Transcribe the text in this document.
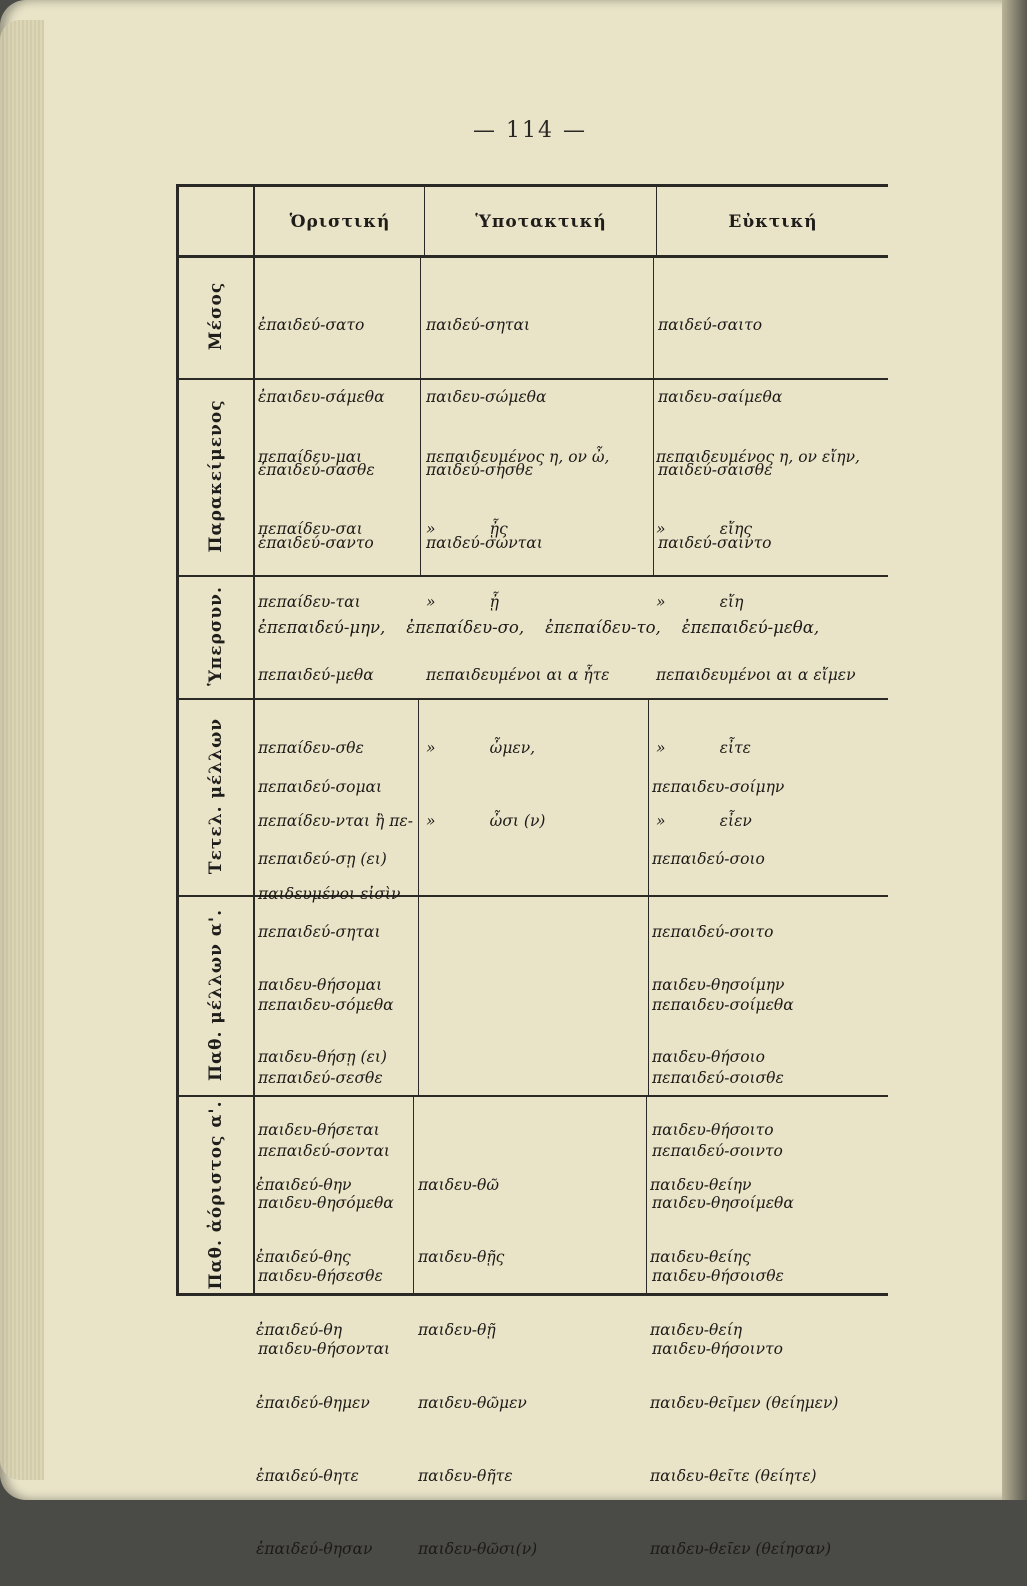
— 114 —
Ὁριστική	Ὑποτακτική	Εὐκτική
Μέσος
Παρακείμενος
Ὑπερσυν.
Τετελ. μέλλων
Παθ. μέλλων α'.
Παθ. ἀόριστος α'.

ἐπαιδεύ-σατο

ἐπαιδευ-σάμεθα

ἐπαιδεύ-σασθε

ἐπαιδεύ-σαντο

παιδεύ-σηται

παιδευ-σώμεθα

παιδεύ-σησθε

παιδεύ-σωνται

παιδεύ-σαιτο

παιδευ-σαίμεθα

παιδεύ-σαισθε

παιδεύ-σαιντο

πεπαίδευ-μαι

πεπαίδευ-σαι

πεπαίδευ-ται

πεπαιδεύ-μεθα

πεπαίδευ-σθε

πεπαίδευ-νται ἢ πε-

παιδευμένοι εἰσὶν

πεπαιδευμένος η, ον ὦ,

»           ᾖς

»           ᾖ

πεπαιδευμένοι αι α ἦτε

»           ὦμεν,

»           ὦσι (ν)

πεπαιδευμένος η, ον εἴην,

»           εἴης

»           εἴη

πεπαιδευμένοι αι α εἴμεν

»           εἶτε

»           εἶεν

ἐπεπαιδεύ-μην,    ἐπεπαίδευ-σο,    ἐπεπαίδευ-το,    ἐπεπαιδεύ-μεθα,

πεπαιδεύ-σομαι

πεπαιδεύ-σῃ (ει)

πεπαιδεύ-σηται

πεπαιδευ-σόμεθα

πεπαιδεύ-σεσθε

πεπαιδεύ-σονται

πεπαιδευ-σοίμην

πεπαιδεύ-σοιο

πεπαιδεύ-σοιτο

πεπαιδευ-σοίμεθα

πεπαιδεύ-σοισθε

πεπαιδεύ-σοιντο

παιδευ-θήσομαι

παιδευ-θήσῃ (ει)

παιδευ-θήσεται

παιδευ-θησόμεθα

παιδευ-θήσεσθε

παιδευ-θήσονται

παιδευ-θησοίμην

παιδευ-θήσοιο

παιδευ-θήσοιτο

παιδευ-θησοίμεθα

παιδευ-θήσοισθε

παιδευ-θήσοιντο

ἐπαιδεύ-θην

ἐπαιδεύ-θης

ἐπαιδεύ-θη

ἐπαιδεύ-θημεν

ἐπαιδεύ-θητε

ἐπαιδεύ-θησαν

παιδευ-θῶ

παιδευ-θῇς

παιδευ-θῇ

παιδευ-θῶμεν

παιδευ-θῆτε

παιδευ-θῶσι(ν)

παιδευ-θείην

παιδευ-θείης

παιδευ-θείη

παιδευ-θεῖμεν (θείημεν)

παιδευ-θεῖτε (θείητε)

παιδευ-θεῖεν (θείησαν)
